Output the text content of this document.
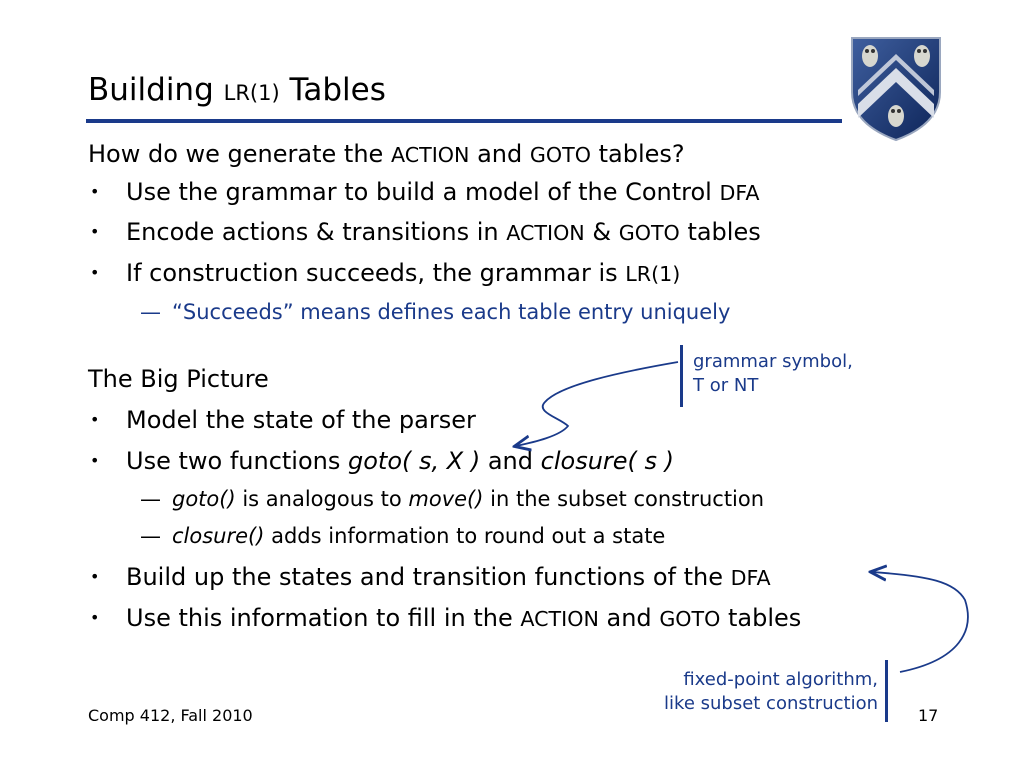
Building LR(1) Tables
How do we generate the ACTION and GOTO tables?
• Use the grammar to build a model of the Control DFA
• Encode actions & transitions in ACTION & GOTO tables
• If construction succeeds, the grammar is LR(1)
— “Succeeds” means defines each table entry uniquely
grammar symbol,
T or NT
The Big Picture
• Model the state of the parser
• Use two functions goto( s, X ) and closure( s )
— goto() is analogous to move() in the subset construction
— closure() adds information to round out a state
• Build up the states and transition functions of the DFA
• Use this information to fill in the ACTION and GOTO tables
fixed-point algorithm,
like subset construction
Comp 412, Fall 2010	17
